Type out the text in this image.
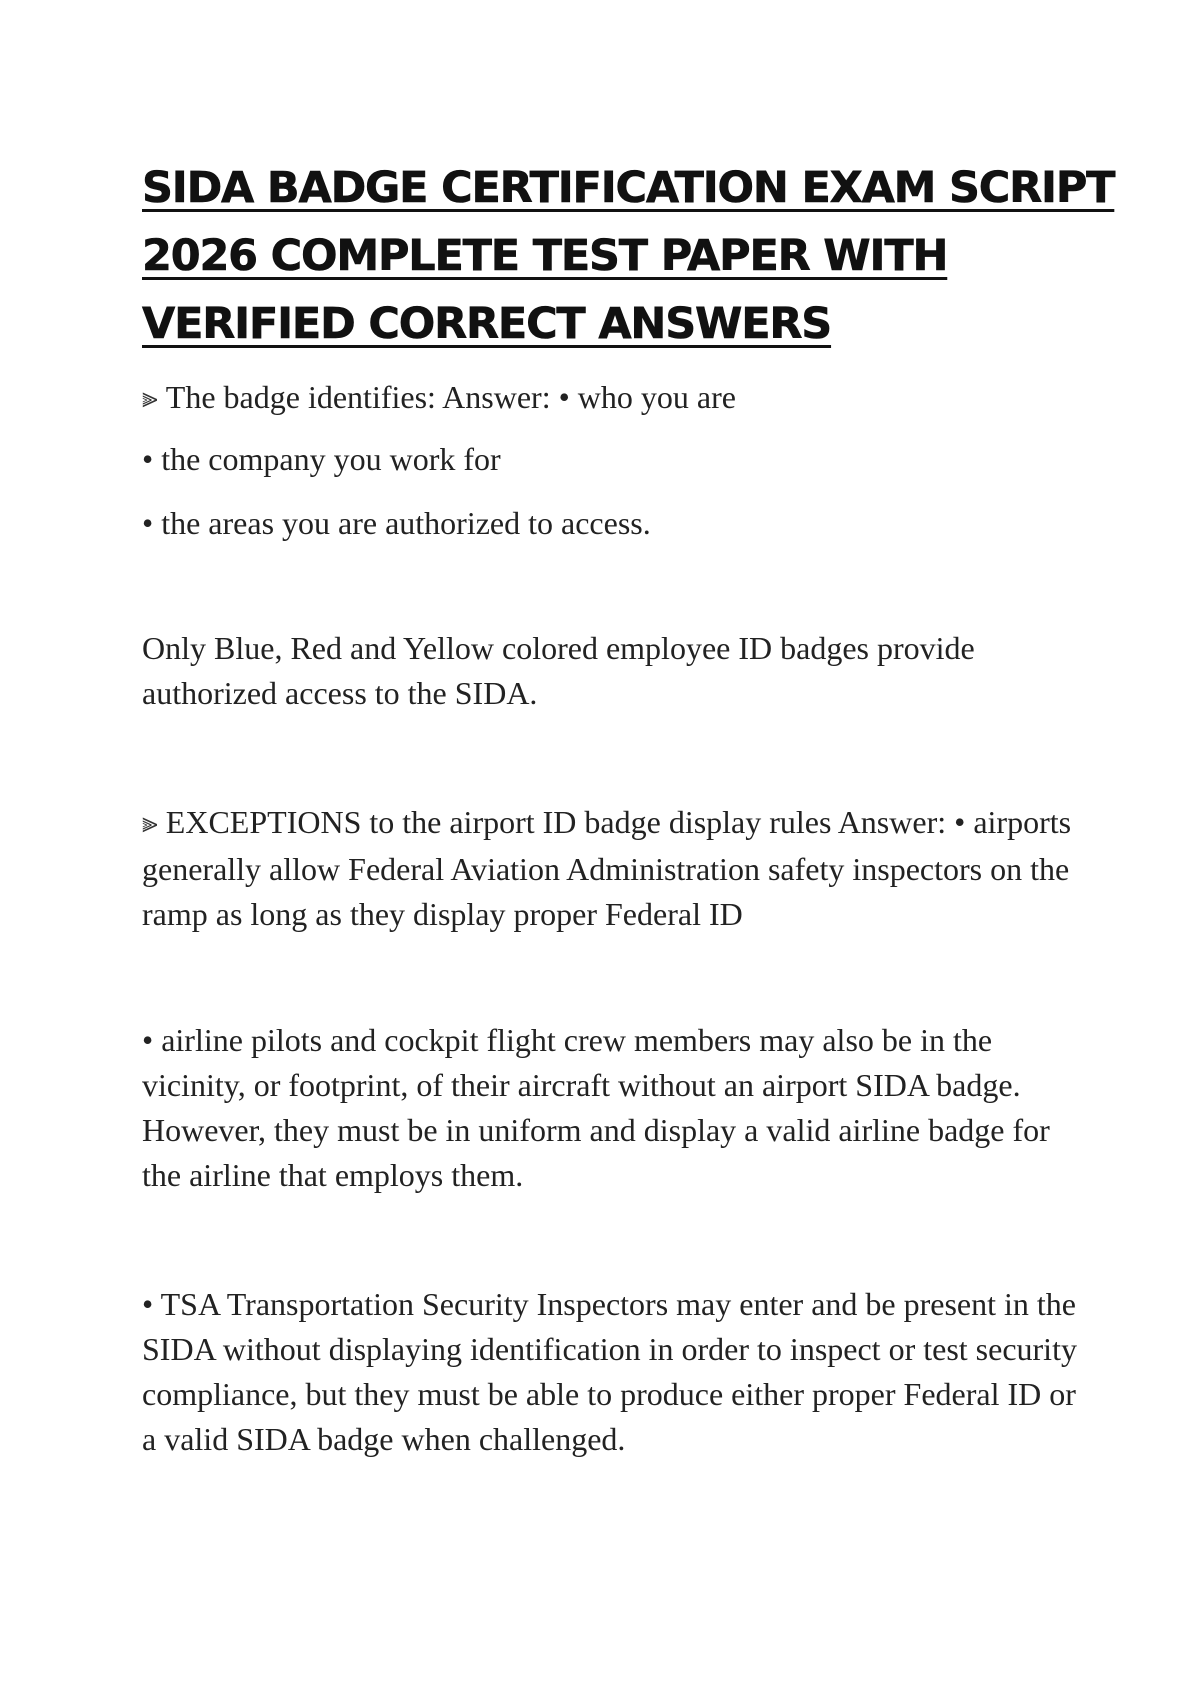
SIDA BADGE CERTIFICATION EXAM SCRIPT
2026 COMPLETE TEST PAPER WITH
VERIFIED CORRECT ANSWERS
⫸ The badge identifies: Answer: • who you are
• the company you work for
• the areas you are authorized to access.

Only Blue, Red and Yellow colored employee ID badges provide authorized access to the SIDA.

⫸ EXCEPTIONS to the airport ID badge display rules Answer: • airports generally allow Federal Aviation Administration safety inspectors on the ramp as long as they display proper Federal ID

• airline pilots and cockpit flight crew members may also be in the vicinity, or footprint, of their aircraft without an airport SIDA badge. However, they must be in uniform and display a valid airline badge for the airline that employs them.

• TSA Transportation Security Inspectors may enter and be present in the SIDA without displaying identification in order to inspect or test security compliance, but they must be able to produce either proper Federal ID or a valid SIDA badge when challenged.
